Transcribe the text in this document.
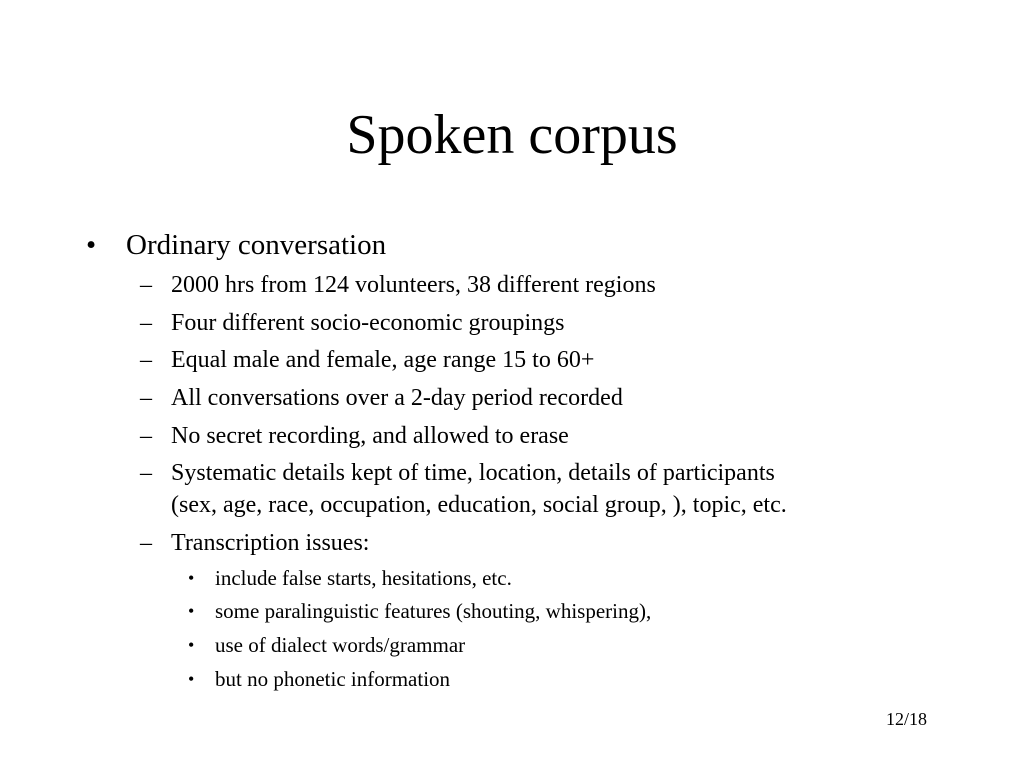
Spoken corpus
• Ordinary conversation
– 2000 hrs from 124 volunteers, 38 different regions
– Four different socio-economic groupings
– Equal male and female, age range 15 to 60+
– All conversations over a 2-day period recorded
– No secret recording, and allowed to erase
– Systematic details kept of time, location, details of participants
(sex, age, race, occupation, education, social group, ), topic, etc.
– Transcription issues:
• include false starts, hesitations, etc.
• some paralinguistic features (shouting, whispering),
• use of dialect words/grammar
• but no phonetic information
12/18
